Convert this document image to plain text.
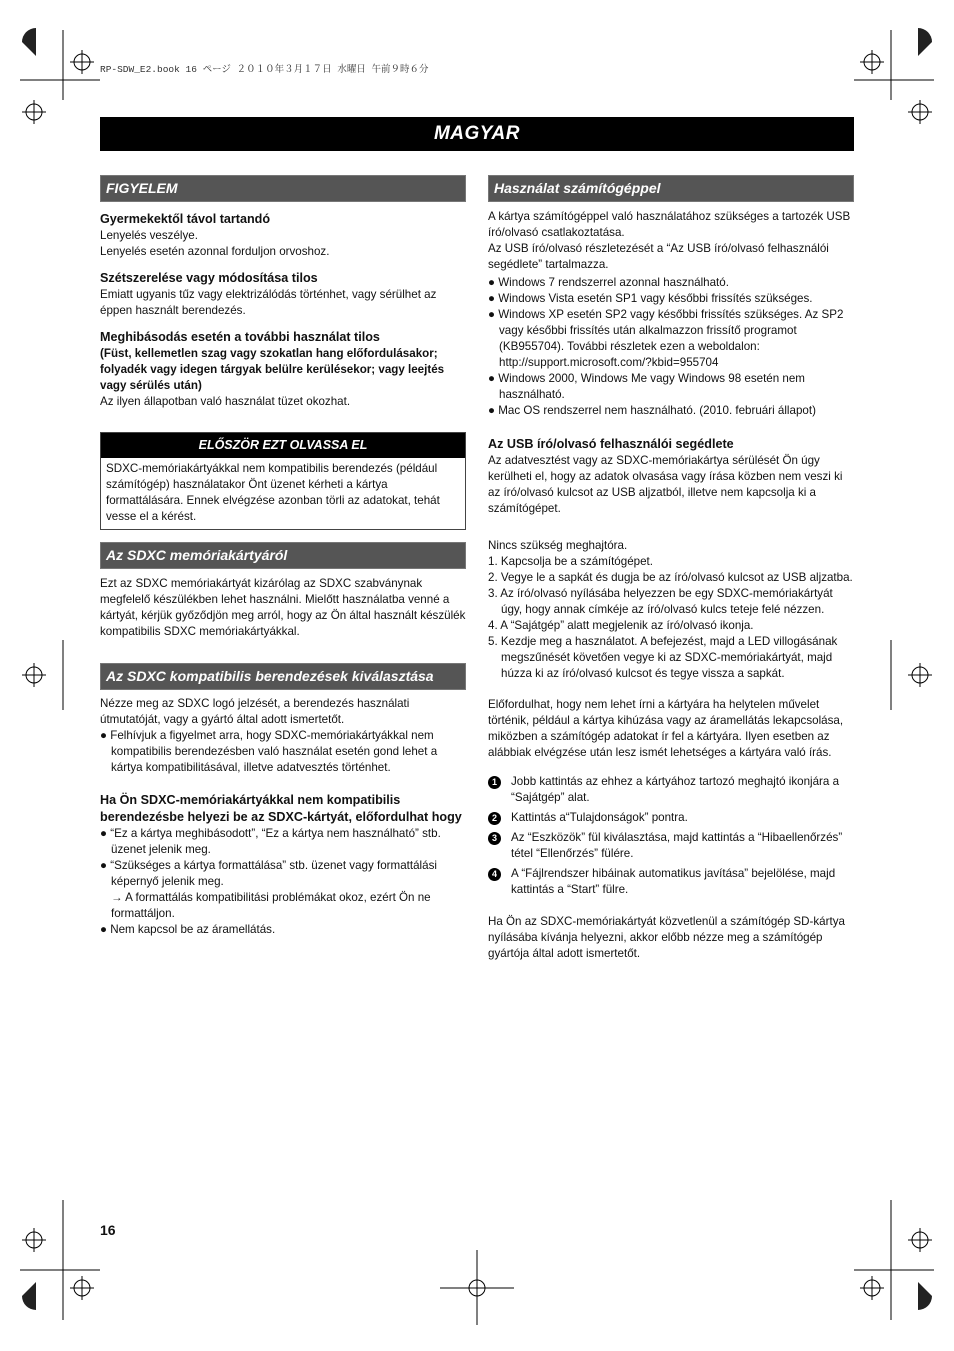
RP-SDW_E2.book 16 ページ ２０１０年３月１７日 水曜日 午前９時６分
MAGYAR
FIGYELEM
Gyermekektől távol tartandó

Lenyelés veszélye.

Lenyelés esetén azonnal forduljon orvoshoz.

Szétszerelése vagy módosítása tilos

Emiatt ugyanis tűz vagy elektrizálódás történhet, vagy sérülhet az éppen használt berendezés.

Meghibásodás esetén a további használat tilos

(Füst, kellemetlen szag vagy szokatlan hang előfordulásakor; folyadék vagy idegen tárgyak belülre kerülésekor; vagy leejtés vagy sérülés után)

Az ilyen állapotban való használat tüzet okozhat.

ELŐSZÖR EZT OLVASSA EL
SDXC-memóriakártyákkal nem kompatibilis berendezés (például számítógép) használatakor Önt üzenet kérheti a kártya formattálására. Ennek elvégzése azonban törli az adatokat, tehát vesse el a kérést.
Az SDXC memóriakártyáról

Ezt az SDXC memóriakártyát kizárólag az SDXC szabványnak megfelelő készülékben lehet használni. Mielőtt használatba venné a kártyát, kérjük győződjön meg arról, hogy az Ön által használt készülék kompatibilis SDXC memóriakártyákkal.

Az SDXC kompatibilis berendezések kiválasztása

Nézze meg az SDXC logó jelzését, a berendezés használati útmutatóját, vagy a gyártó által adott ismertetőt.

● Felhívjuk a figyelmet arra, hogy SDXC-memóriakártyákkal nem kompatibilis berendezésben való használat esetén gond lehet a kártya kompatibilitásával, illetve adatvesztés történhet.

Ha Ön SDXC-memóriakártyákkal nem kompatibilis berendezésbe helyezi be az SDXC-kártyát, előfordulhat hogy

● “Ez a kártya meghibásodott”, “Ez a kártya nem használható” stb. üzenet jelenik meg.

● “Szükséges a kártya formattálása” stb. üzenet vagy formattálási képernyő jelenik meg.

→ A formattálás kompatibilitási problémákat okoz, ezért Ön ne formattáljon.

● Nem kapcsol be az áramellátás.

Használat számítógéppel

A kártya számítógéppel való használatához szükséges a tartozék USB író/olvasó csatlakoztatása.

Az USB író/olvasó részletezését a “Az USB író/olvasó felhasználói segédlete” tartalmazza.

● Windows 7 rendszerrel azonnal használható.

● Windows Vista esetén SP1 vagy későbbi frissítés szükséges.

● Windows XP esetén SP2 vagy későbbi frissítés szükséges. Az SP2 vagy későbbi frissítés után alkalmazzon frissítő programot (KB955704). További részletek ezen a weboldalon: http://support.microsoft.com/?kbid=955704

● Windows 2000, Windows Me vagy Windows 98 esetén nem használható.

● Mac OS rendszerrel nem használható. (2010. februári állapot)

Az USB író/olvasó felhasználói segédlete

Az adatvesztést vagy az SDXC-memóriakártya sérülését Ön úgy kerülheti el, hogy az adatok olvasása vagy írása közben nem veszi ki az író/olvasó kulcsot az USB aljzatból, illetve nem kapcsolja ki a számítógépet.

Nincs szükség meghajtóra.

1. Kapcsolja be a számítógépet.

2. Vegye le a sapkát és dugja be az író/olvasó kulcsot az USB aljzatba.

3. Az író/olvasó nyílásába helyezzen be egy SDXC-memóriakártyát úgy, hogy annak címkéje az író/olvasó kulcs teteje felé nézzen.

4. A “Sajátgép” alatt megjelenik az író/olvasó ikonja.

5. Kezdje meg a használatot. A befejezést, majd a LED villogásának megszűnését követően vegye ki az SDXC-memóriakártyát, majd húzza ki az író/olvasó kulcsot és tegye vissza a sapkát.

Előfordulhat, hogy nem lehet írni a kártyára ha helytelen művelet történik, például a kártya kihúzása vagy az áramellátás lekapcsolása, miközben a számítógép adatokat ír fel a kártyára. Ilyen esetben az alábbiak elvégzése után lesz ismét lehetséges a kártyára való írás.

1	Jobb kattintás az ehhez a kártyához tartozó meghajtó ikonjára a “Sajátgép” alat.

2	Kattintás a“Tulajdonságok” pontra.

3	Az “Eszközök” fül kiválasztása, majd kattintás a “Hibaellenőrzés” tétel “Ellenőrzés” fülére.

4	A “Fájlrendszer hibáinak automatikus javítása” bejelölése, majd kattintás a “Start” fülre.

Ha Ön az SDXC-memóriakártyát közvetlenül a számítógép SD-kártya nyílásába kívánja helyezni, akkor előbb nézze meg a számítógép gyártója által adott ismertetőt.

16
